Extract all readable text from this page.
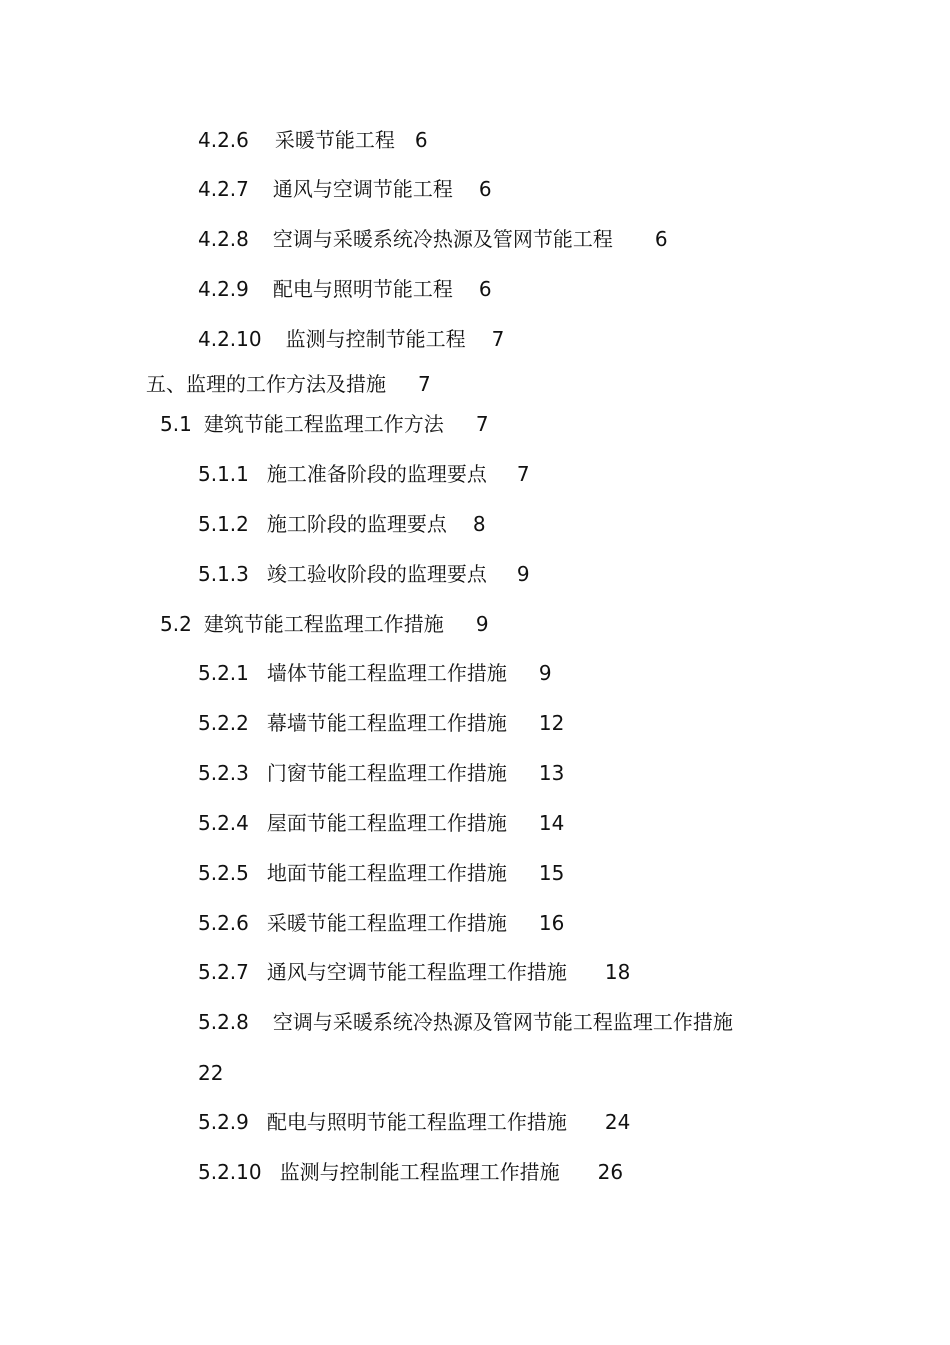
4.2.6 采暖节能工程 6
4.2.7 通风与空调节能工程 6
4.2.8 空调与采暖系统冷热源及管网节能工程 6
4.2.9 配电与照明节能工程 6
4.2.10 监测与控制节能工程 7
五、监理的工作方法及措施 7
5.1 建筑节能工程监理工作方法 7
5.1.1 施工准备阶段的监理要点 7
5.1.2 施工阶段的监理要点 8
5.1.3 竣工验收阶段的监理要点 9
5.2 建筑节能工程监理工作措施 9
5.2.1 墙体节能工程监理工作措施 9
5.2.2 幕墙节能工程监理工作措施 12
5.2.3 门窗节能工程监理工作措施 13
5.2.4 屋面节能工程监理工作措施 14
5.2.5 地面节能工程监理工作措施 15
5.2.6 采暖节能工程监理工作措施 16
5.2.7 通风与空调节能工程监理工作措施 18
5.2.8 空调与采暖系统冷热源及管网节能工程监理工作措施
22
5.2.9 配电与照明节能工程监理工作措施 24
5.2.10 监测与控制能工程监理工作措施 26
